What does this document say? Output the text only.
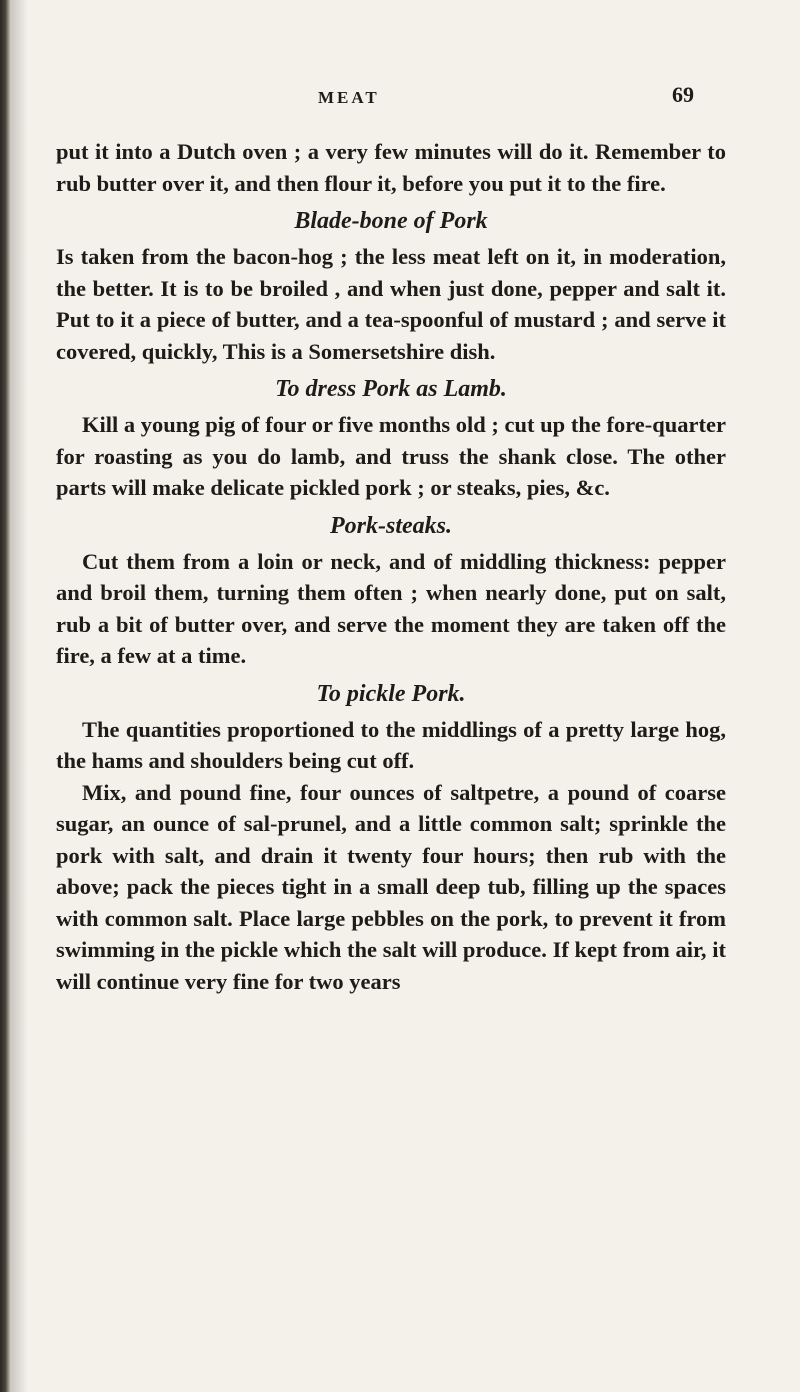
MEAT	69

put it into a Dutch oven ; a very few minutes will do it. Remember to rub butter over it, and then flour it, before you put it to the fire.

Blade-bone of Pork

Is taken from the bacon-hog ; the less meat left on it, in moderation, the better. It is to be broiled , and when just done, pepper and salt it. Put to it a piece of butter, and a tea-spoonful of mustard ; and serve it covered, quickly, This is a Somersetshire dish.

To dress Pork as Lamb.

Kill a young pig of four or five months old ; cut up the fore-quarter for roasting as you do lamb, and truss the shank close. The other parts will make delicate pickled pork ; or steaks, pies, &c.

Pork-steaks.

Cut them from a loin or neck, and of middling thickness: pepper and broil them, turning them often ; when nearly done, put on salt, rub a bit of butter over, and serve the moment they are taken off the fire, a few at a time.

To pickle Pork.

The quantities proportioned to the middlings of a pretty large hog, the hams and shoulders being cut off.

Mix, and pound fine, four ounces of saltpetre, a pound of coarse sugar, an ounce of sal-prunel, and a little common salt; sprinkle the pork with salt, and drain it twenty four hours; then rub with the above; pack the pieces tight in a small deep tub, filling up the spaces with common salt. Place large pebbles on the pork, to prevent it from swimming in the pickle which the salt will produce. If kept from air, it will continue very fine for two years
